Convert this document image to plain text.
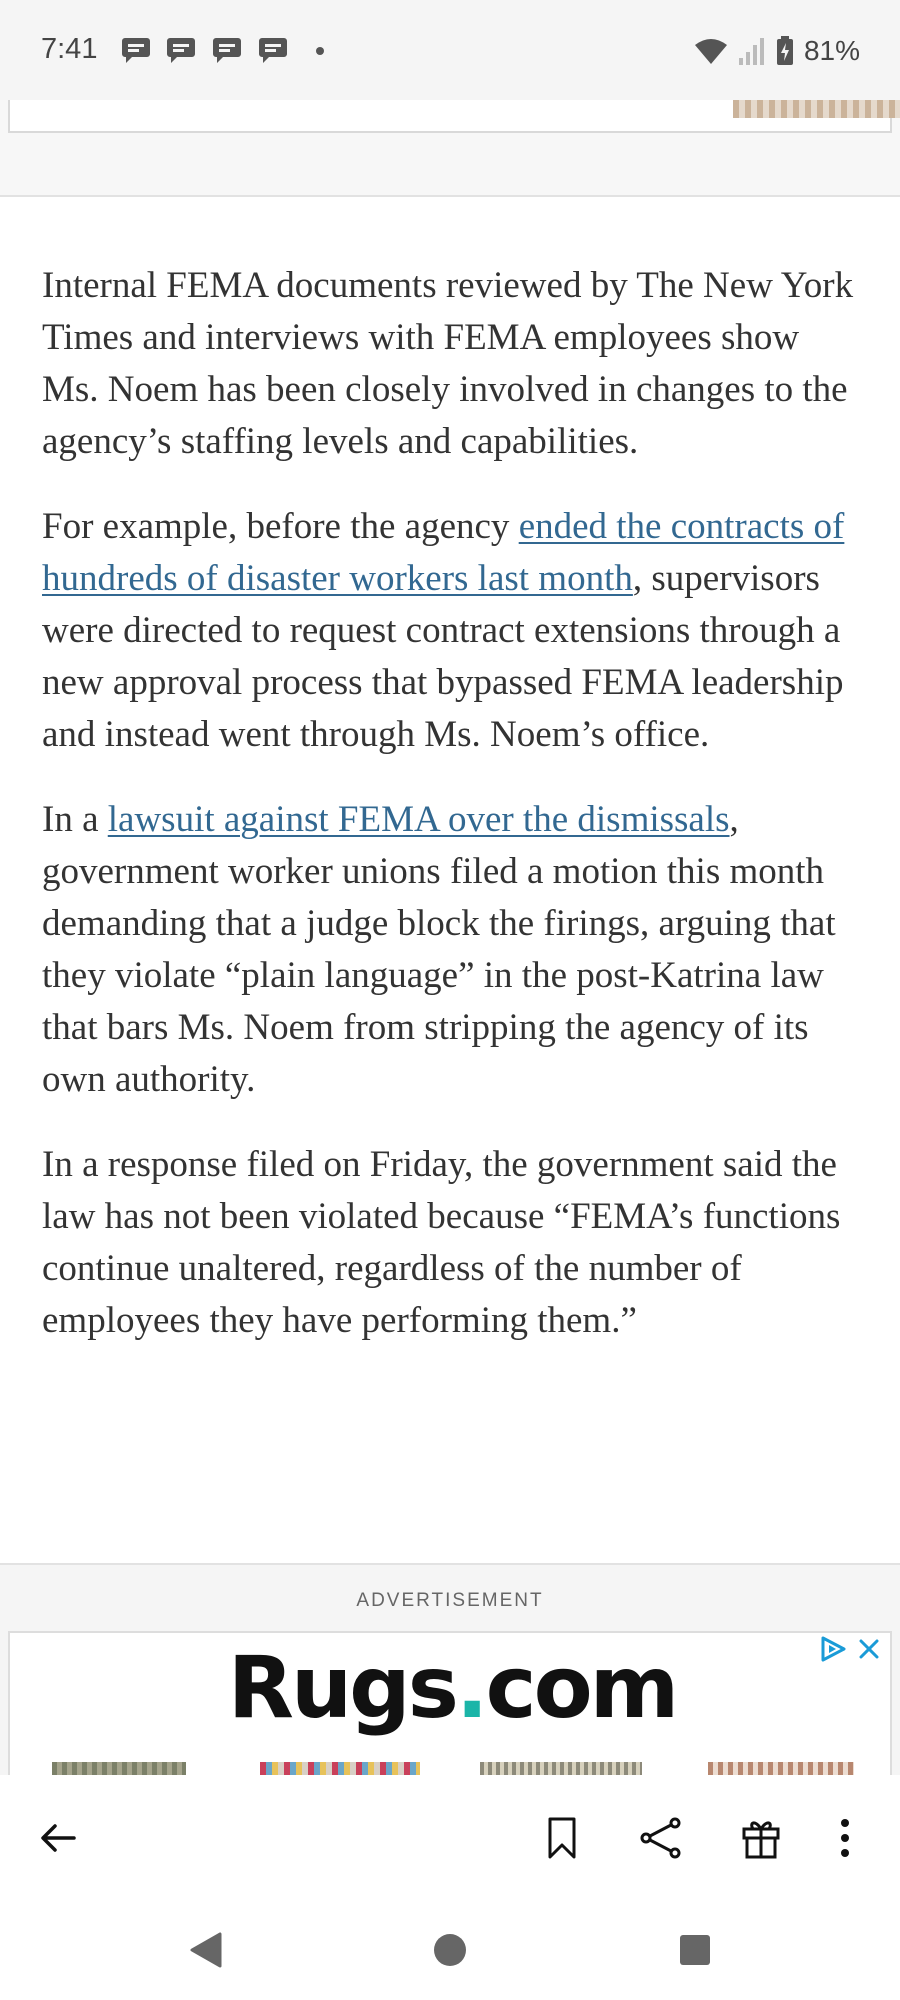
7:41	81%

Internal FEMA documents reviewed by The New York Times and interviews with FEMA employees show Ms. Noem has been closely involved in changes to the agency’s staffing levels and capabilities.

For example, before the agency ended the contracts of hundreds of disaster workers last month, supervisors were directed to request contract extensions through a new approval process that bypassed FEMA leadership and instead went through Ms. Noem’s office.

In a lawsuit against FEMA over the dismissals, government worker unions filed a motion this month demanding that a judge block the firings, arguing that they violate “plain language” in the post-Katrina law that bars Ms. Noem from stripping the agency of its own authority.

In a response filed on Friday, the government said the law has not been violated because “FEMA’s functions continue unaltered, regardless of the number of employees they have performing them.”

ADVERTISEMENT
Rugs.com
